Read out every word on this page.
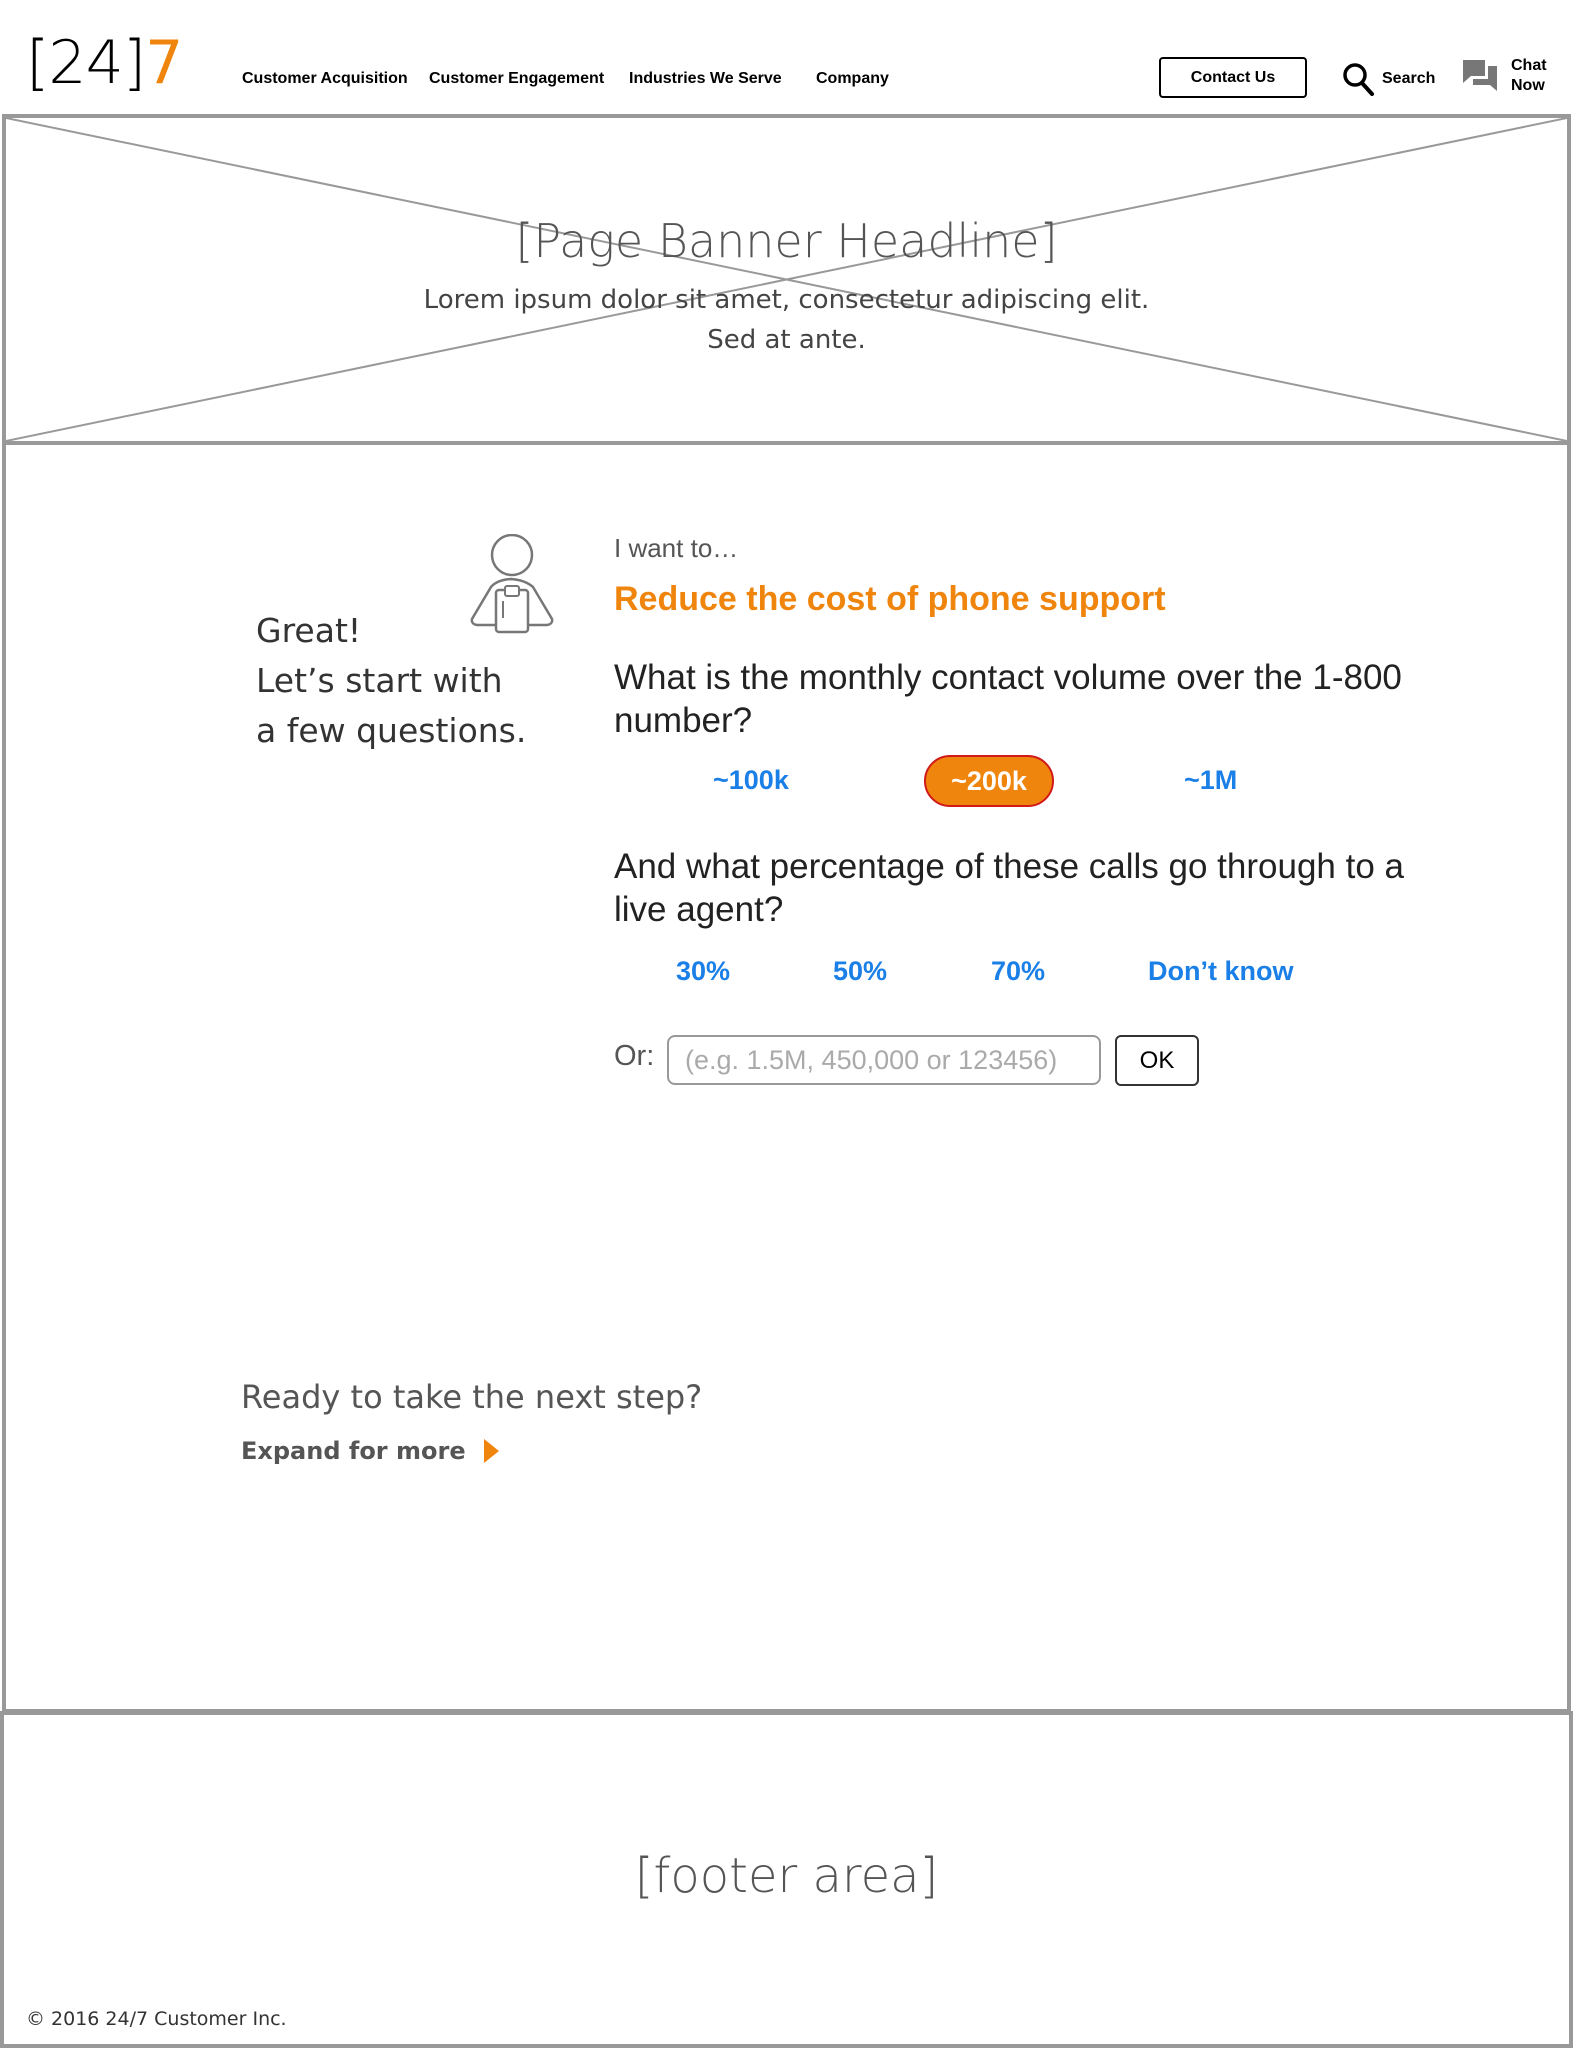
[24]7	Customer Acquisition Customer Engagement Industries We Serve Company	Contact Us	Search
Chat
Now
[Page Banner Headline]
Lorem ipsum dolor sit amet, consectetur adipiscing elit.
Sed at ante.
Great!
Let’s start with
a few questions.
I want to…
Reduce the cost of phone support
What is the monthly contact volume over the 1-800 number?
~100k	~200k	~1M
And what percentage of these calls go through to a live agent?
30%	50%	70%	Don’t know
Or:
(e.g. 1.5M, 450,000 or 123456)	OK
Ready to take the next step?
Expand for more
[footer area]
© 2016 24/7 Customer Inc.
